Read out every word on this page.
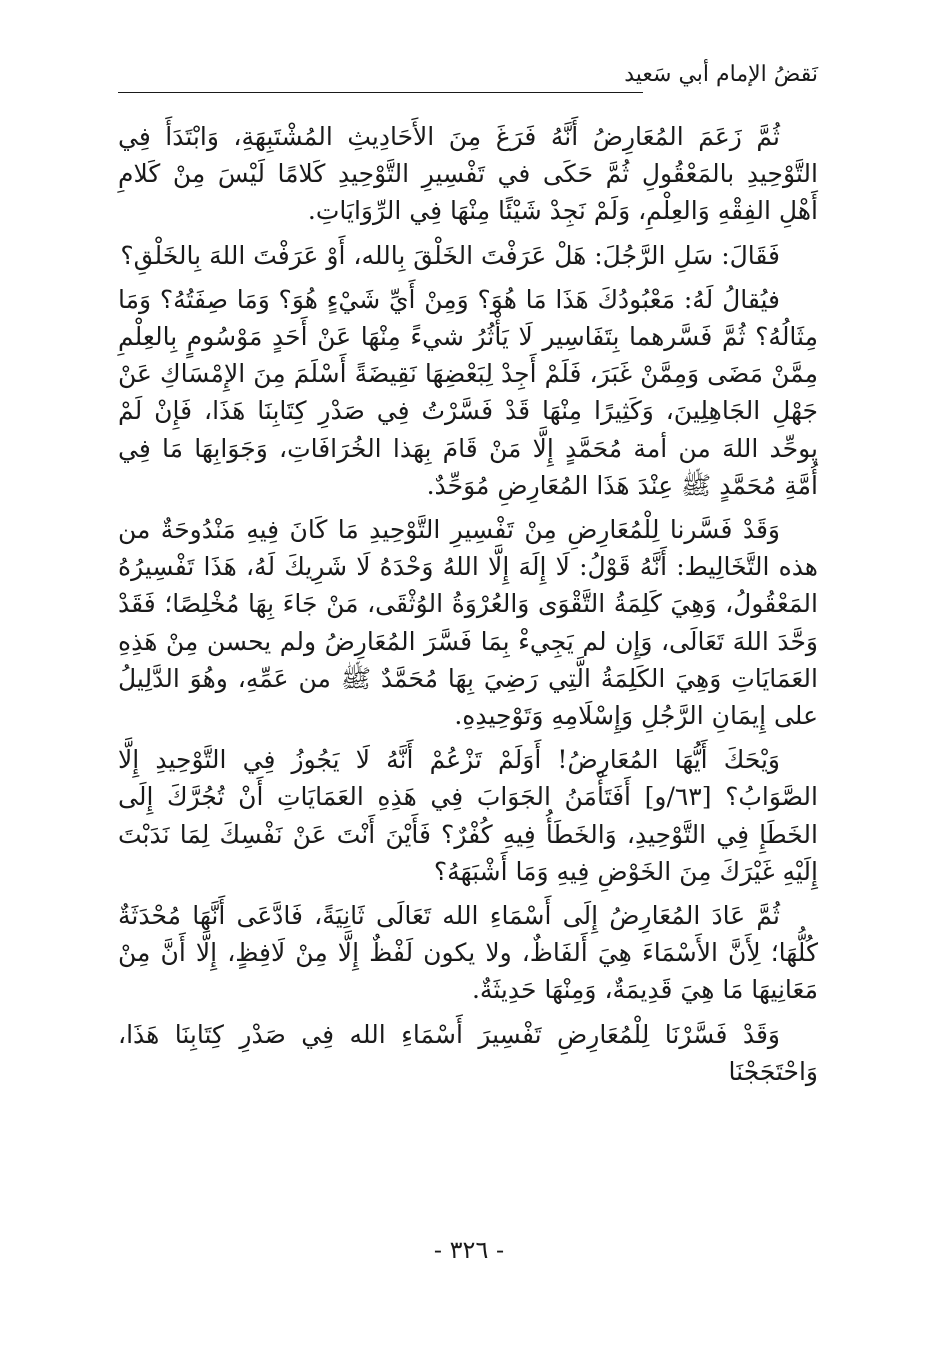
نَقضُ الإمام أبي سَعيد

ثُمَّ زَعَمَ المُعَارِضُ أَنَّهُ فَرَغَ مِنَ الأَحَادِيثِ المُشْتَبِهَةِ، وَابْتَدَأَ فِي التَّوْحِيدِ بالمَعْقُولِ ثُمَّ حَكَى في تَفْسِيرِ التَّوْحِيدِ كَلامًا لَيْسَ مِنْ كَلامِ أَهْلِ الفِقْهِ وَالعِلْمِ، وَلَمْ نَجِدْ شَيْئًا مِنْهَا فِي الرِّوَايَاتِ.

فَقَالَ: سَلِ الرَّجُلَ: هَلْ عَرَفْتَ الخَلْقَ بِالله، أَوْ عَرَفْتَ اللهَ بِالخَلْقِ؟

فيُقالُ لَهُ: مَعْبُودُكَ هَذَا مَا هُوَ؟ وَمِنْ أَيِّ شَيْءٍ هُوَ؟ وَمَا صِفَتُهُ؟ وَمَا مِثَالُهُ؟ ثُمَّ فَسَّرهما بِتَفَاسِير لَا يَأْثُرُ شيءً مِنْهَا عَنْ أَحَدٍ مَوْسُومٍ بِالعِلْمِ مِمَّنْ مَضَى وَمِمَّنْ غَبَرَ، فَلَمْ أَجِدْ لِبَعْضِهَا نَقِيضَةً أَسْلَمَ مِنَ الإِمْسَاكِ عَنْ جَهْلِ الجَاهِلِينَ، وَكَثِيرًا مِنْهَا قَدْ فَسَّرْتُ فِي صَدْرِ كِتَابِنَا هَذَا، فَإِنْ لَمْ يوحِّد اللهَ من أمة مُحَمَّدٍ إِلَّا مَنْ قَامَ بِهَذا الخُرَافَاتِ، وَجَوَابِهَا مَا فِي أُمَّةِ مُحَمَّدٍ ﷺ عِنْدَ هَذَا المُعَارِضِ مُوَحِّدٌ.

وَقَدْ فَسَّرنا لِلْمُعَارِضِ مِنْ تَفْسِيرِ التَّوْحِيدِ مَا كَانَ فِيهِ مَنْدُوحَةٌ من هذه التَّخَالِيط: أَنَّهُ قَوْلُ: لَا إِلَهَ إِلَّا اللهُ وَحْدَهُ لَا شَرِيكَ لَهُ، هَذَا تَفْسِيرُهُ المَعْقُولُ، وَهِيَ كَلِمَةُ التَّقْوَى وَالعُرْوَةُ الوُثْقَى، مَنْ جَاءَ بِهَا مُخْلِصًا؛ فَقَدْ وَحَّدَ اللهَ تَعَالَى، وَإِن لم يَجِيءْ بِمَا فَسَّرَ المُعَارِضُ ولم يحسن مِنْ هَذِهِ العَمَايَاتِ وَهِيَ الكَلِمَةُ الَّتِي رَضِيَ بِهَا مُحَمَّدٌ ﷺ من عَمِّهِ، وهُوَ الدَّلِيلُ على إِيمَانِ الرَّجُلِ وَإِسْلَامِهِ وَتَوْحِيدِهِ.

وَيْحَكَ أَيُّهَا المُعَارِضُ! أَوَلَمْ تَزْعُمْ أَنَّهُ لَا يَجُوزُ فِي التَّوْحِيدِ إِلَّا الصَّوَابُ؟ [٦٣/و] أَفَتَأْمَنُ الجَوَابَ فِي هَذِهِ العَمَايَاتِ أَنْ تُجُرَّكَ إِلَى الخَطَإِ فِي التَّوْحِيدِ، وَالخَطَأُ فِيهِ كُفْرٌ؟ فَأَيْنَ أَنْتَ عَنْ نَفْسِكَ لِمَا نَدَبْتَ إِلَيْهِ غَيْرَكَ مِنَ الخَوْضِ فِيهِ وَمَا أَشْبَهَهُ؟

ثُمَّ عَادَ المُعَارِضُ إِلَى أَسْمَاءِ الله تَعَالَى ثَانِيَةً، فَادَّعَى أَنَّهَا مُحْدَثَةٌ كُلُّهَا؛ لِأَنَّ الأَسْمَاءَ هِيَ أَلفَاظٌ، ولا يكون لَفْظٌ إِلَّا مِنْ لَافِظٍ، إِلَّا أَنَّ مِنْ مَعَانِيهَا مَا هِيَ قَدِيمَةٌ، وَمِنْهَا حَدِيثَةٌ.

وَقَدْ فَسَّرْنَا لِلْمُعَارِضِ تَفْسِيرَ أَسْمَاءِ الله فِي صَدْرِ كِتَابِنَا هَذَا، وَاحْتَجَجْنَا

- ٣٢٦ -
